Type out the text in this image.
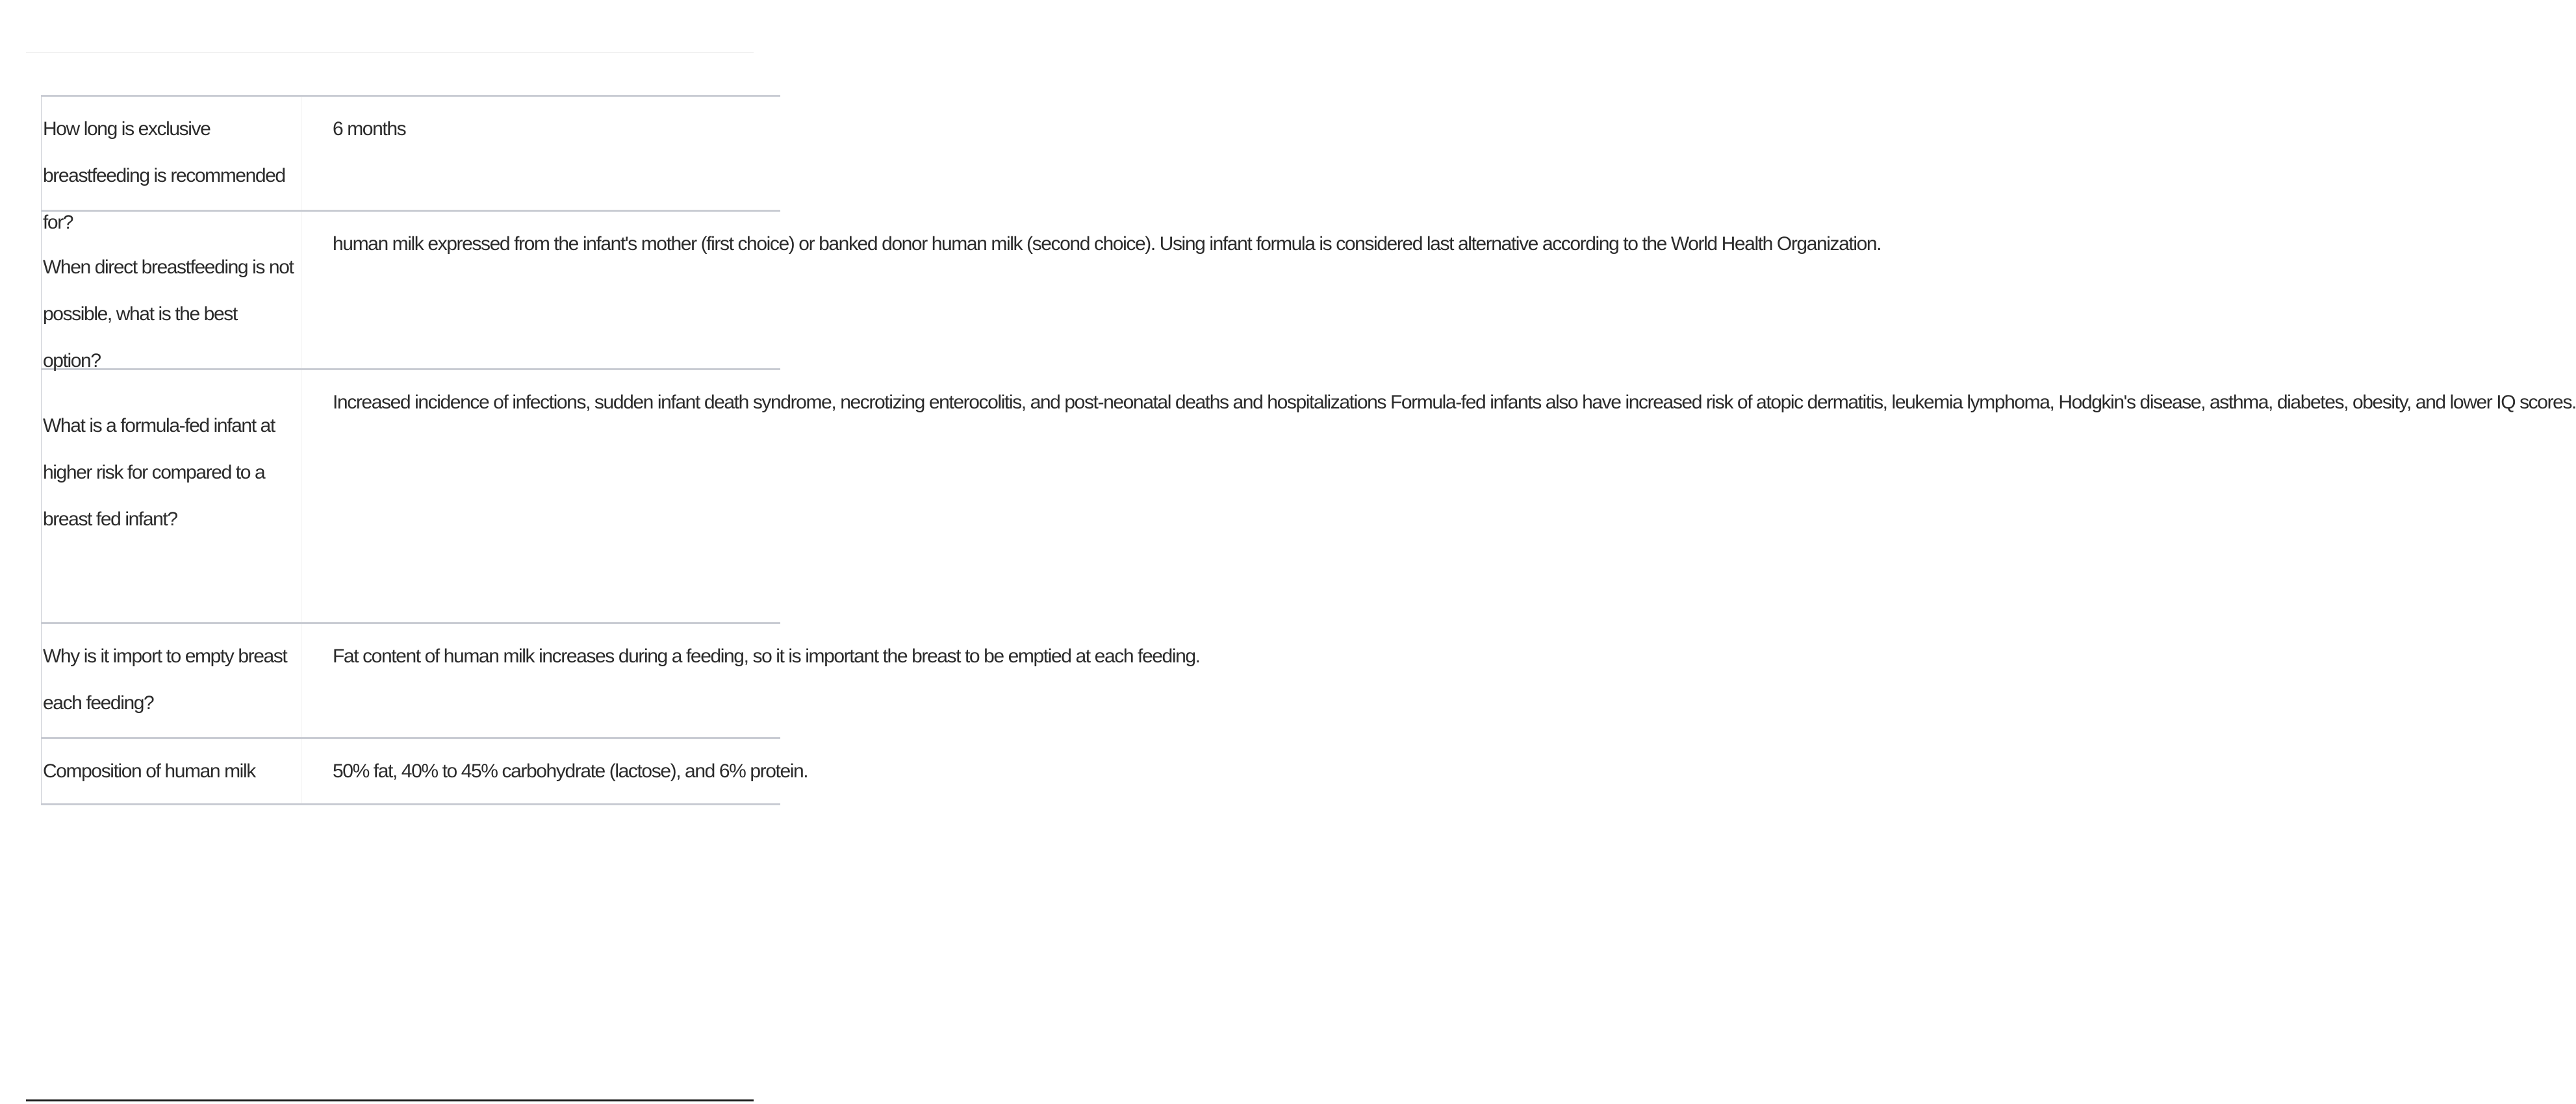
How long is exclusive breastfeeding is recommended for?
6 months
When direct breastfeeding is not possible, what is the best option?
human milk expressed from the infant's mother (first choice) or banked donor human milk (second choice). Using infant formula is considered last alternative according to the World Health Organization.
What is a formula-fed infant at higher risk for compared to a breast fed infant?
Increased incidence of infections, sudden infant death syndrome, necrotizing enterocolitis, and post-neonatal deaths and hospitalizations Formula-fed infants also have increased risk of atopic dermatitis, leukemia lymphoma, Hodgkin's disease, asthma, diabetes, obesity, and lower IQ scores.
Why is it import to empty breast each feeding?
Fat content of human milk increases during a feeding, so it is important the breast to be emptied at each feeding.
Composition of human milk	50% fat, 40% to 45% carbohydrate (lactose), and 6% protein.
